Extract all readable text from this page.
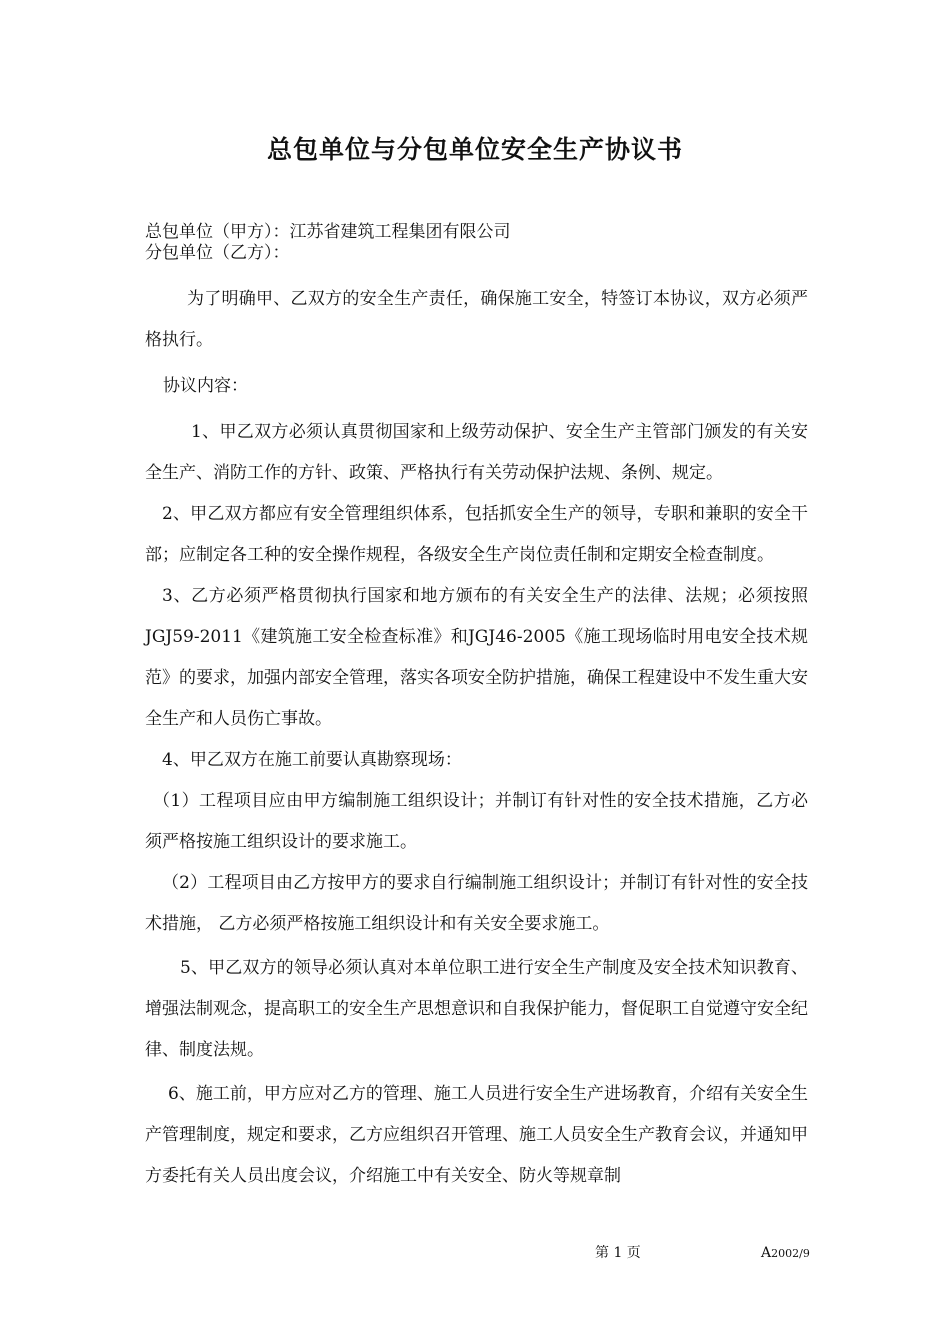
总包单位与分包单位安全生产协议书
总包单位（甲方）：江苏省建筑工程集团有限公司
分包单位（乙方）：

为了明确甲、乙双方的安全生产责任，确保施工安全，特签订本协议，双方必须严格执行。

协议内容：

1、甲乙双方必须认真贯彻国家和上级劳动保护、安全生产主管部门颁发的有关安全生产、消防工作的方针、政策、严格执行有关劳动保护法规、条例、规定。

2、甲乙双方都应有安全管理组织体系，包括抓安全生产的领导，专职和兼职的安全干部；应制定各工种的安全操作规程，各级安全生产岗位责任制和定期安全检查制度。

3、乙方必须严格贯彻执行国家和地方颁布的有关安全生产的法律、法规；必须按照JGJ59-2011《建筑施工安全检查标准》和JGJ46-2005《施工现场临时用电安全技术规范》的要求，加强内部安全管理，落实各项安全防护措施，确保工程建设中不发生重大安全生产和人员伤亡事故。

4、甲乙双方在施工前要认真勘察现场：

（1）工程项目应由甲方编制施工组织设计；并制订有针对性的安全技术措施，乙方必须严格按施工组织设计的要求施工。

（2）工程项目由乙方按甲方的要求自行编制施工组织设计；并制订有针对性的安全技术措施， 乙方必须严格按施工组织设计和有关安全要求施工。

5、甲乙双方的领导必须认真对本单位职工进行安全生产制度及安全技术知识教育、增强法制观念，提高职工的安全生产思想意识和自我保护能力，督促职工自觉遵守安全纪律、制度法规。

6、施工前，甲方应对乙方的管理、施工人员进行安全生产进场教育，介绍有关安全生产管理制度，规定和要求，乙方应组织召开管理、施工人员安全生产教育会议，并通知甲方委托有关人员出度会议，介绍施工中有关安全、防火等规章制

第 1 页	A2002/9
